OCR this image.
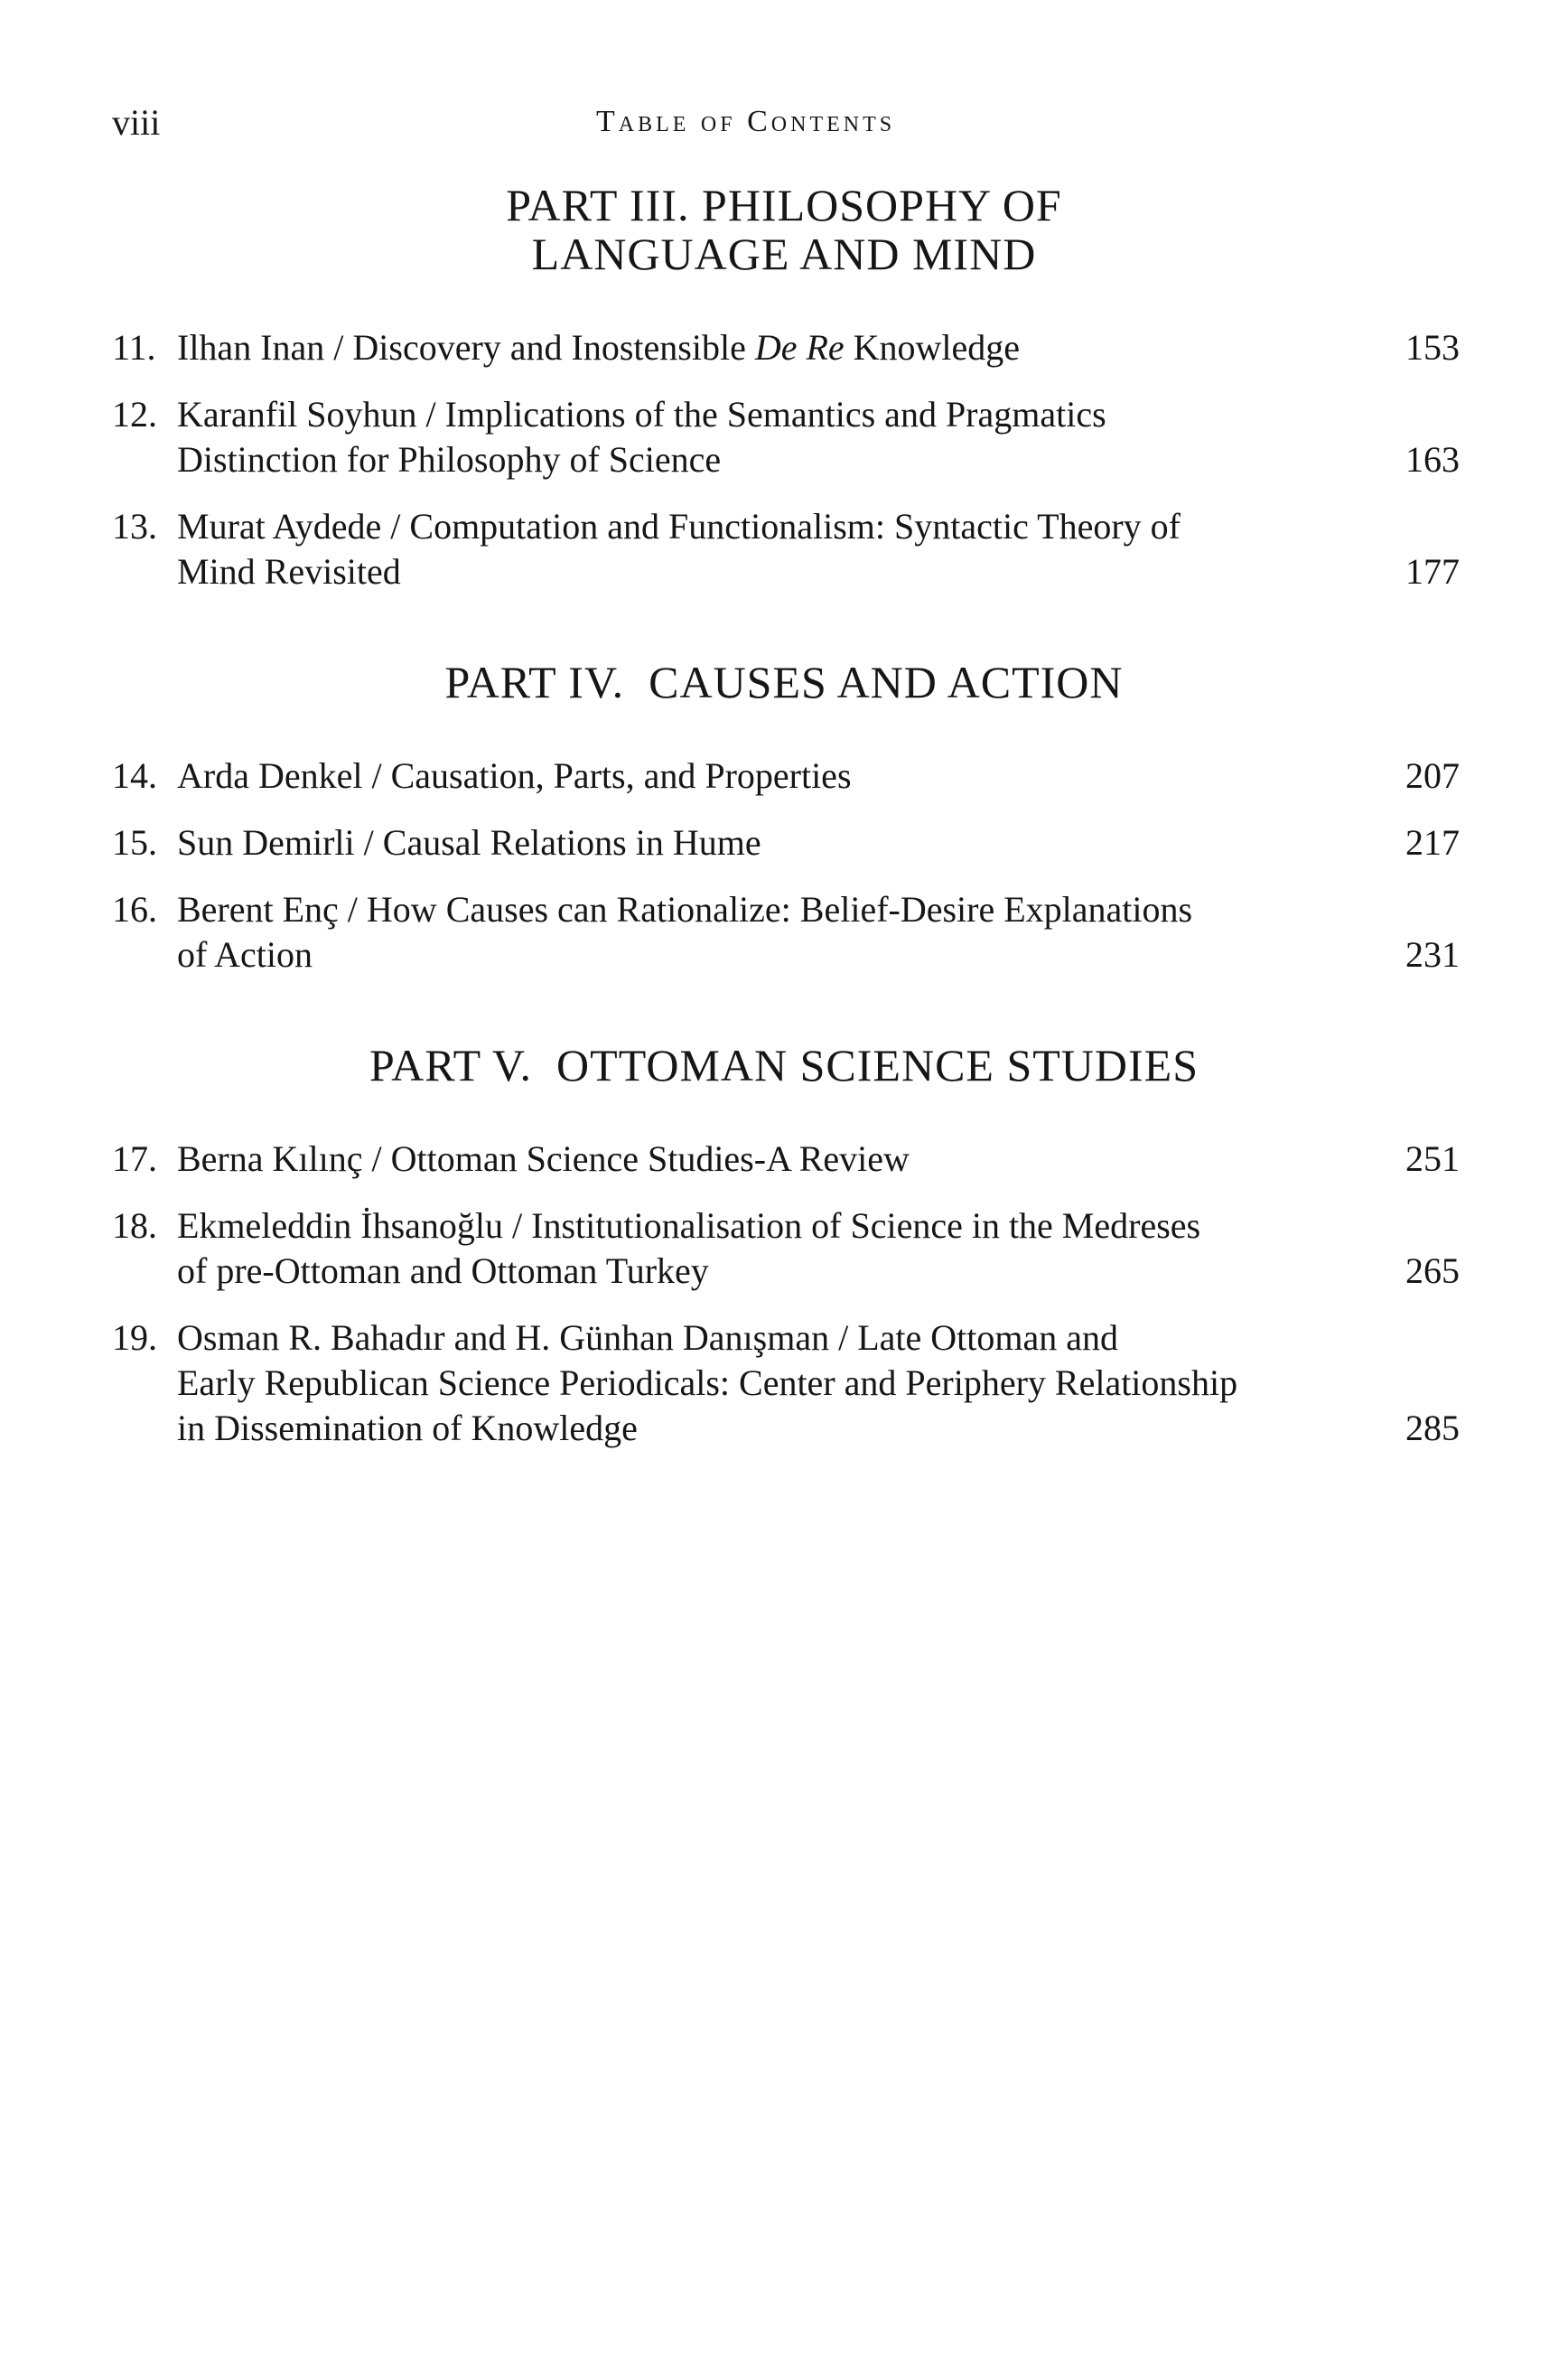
viii	Table of Contents
PART III. PHILOSOPHY OF
LANGUAGE AND MIND
11. Ilhan Inan / Discovery and Inostensible De Re Knowledge	153
12. Karanfil Soyhun / Implications of the Semantics and Pragmatics
Distinction for Philosophy of Science	163
13. Murat Aydede / Computation and Functionalism: Syntactic Theory of
Mind Revisited	177
PART IV.  CAUSES AND ACTION
14. Arda Denkel / Causation, Parts, and Properties	207
15. Sun Demirli / Causal Relations in Hume	217
16. Berent Enç / How Causes can Rationalize: Belief-Desire Explanations
of Action	231
PART V.  OTTOMAN SCIENCE STUDIES
17. Berna Kılınç / Ottoman Science Studies-A Review	251
18. Ekmeleddin İhsanoğlu / Institutionalisation of Science in the Medreses
of pre-Ottoman and Ottoman Turkey	265
19. Osman R. Bahadır and H. Günhan Danışman / Late Ottoman and
Early Republican Science Periodicals: Center and Periphery Relationship
in Dissemination of Knowledge	285
